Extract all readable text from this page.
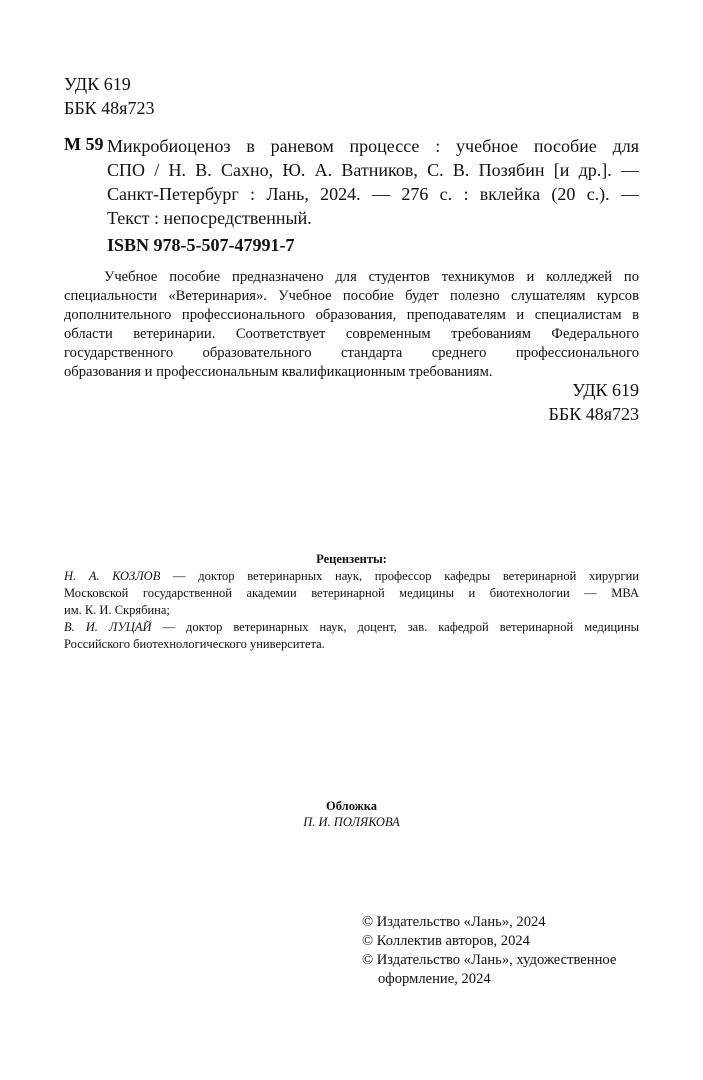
УДК 619
ББК 48я723
М 59 Микробиоценоз в раневом процессе : учебное пособие для
СПО / Н. В. Сахно, Ю. А. Ватников, С. В. Позябин [и др.]. —
Санкт-Петербург : Лань, 2024. — 276 с. : вклейка (20 с.). —
Текст : непосредственный.
ISBN 978-5-507-47991-7
Учебное пособие предназначено для студентов техникумов и колледжей по
специальности «Ветеринария». Учебное пособие будет полезно слушателям курсов
дополнительного профессионального образования, преподавателям и специалистам в
области ветеринарии. Соответствует современным требованиям Федерального
государственного образовательного стандарта среднего профессионального
образования и профессиональным квалификационным требованиям.
УДК 619
ББК 48я723
Рецензенты:
Н. А. КОЗЛОВ — доктор ветеринарных наук, профессор кафедры ветеринарной хирургии
Московской государственной академии ветеринарной медицины и биотехнологии — МВА
им. К. И. Скрябина;
В. И. ЛУЦАЙ — доктор ветеринарных наук, доцент, зав. кафедрой ветеринарной медицины
Российского биотехнологического университета.
Обложка
П. И. ПОЛЯКОВА
© Издательство «Лань», 2024
© Коллектив авторов, 2024
© Издательство «Лань», художественное
оформление, 2024
